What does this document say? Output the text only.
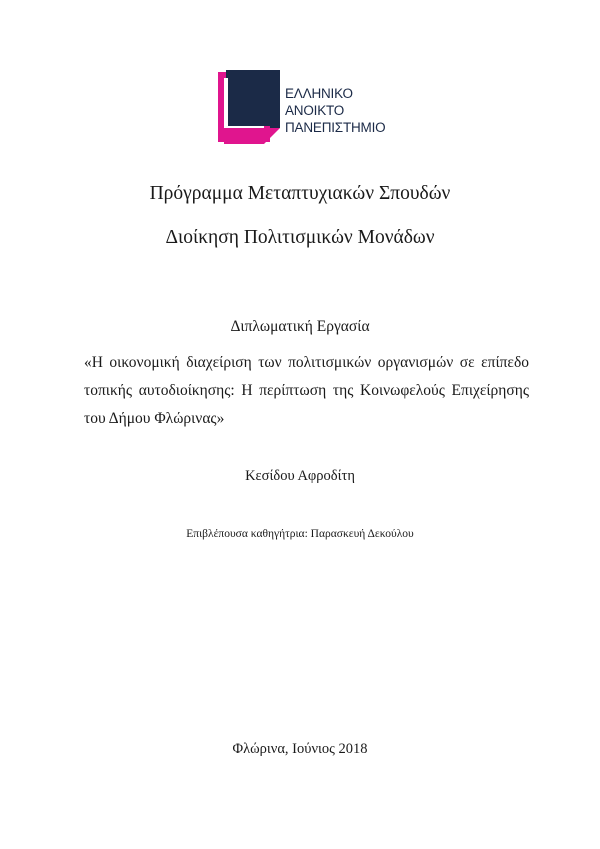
ΕΛΛΗΝΙΚΟ
ΑΝΟΙΚΤΟ
ΠΑΝΕΠΙΣΤΗΜΙΟ
Πρόγραμμα Μεταπτυχιακών Σπουδών
Διοίκηση Πολιτισμικών Μονάδων
Διπλωματική Εργασία
«Η οικονομική διαχείριση των πολιτισμικών οργανισμών σε επίπεδο τοπικής αυτοδιοίκησης: Η περίπτωση της Κοινωφελούς Επιχείρησης του Δήμου Φλώρινας»
Κεσίδου Αφροδίτη
Επιβλέπουσα καθηγήτρια: Παρασκευή Δεκούλου
Φλώρινα, Ιούνιος 2018
